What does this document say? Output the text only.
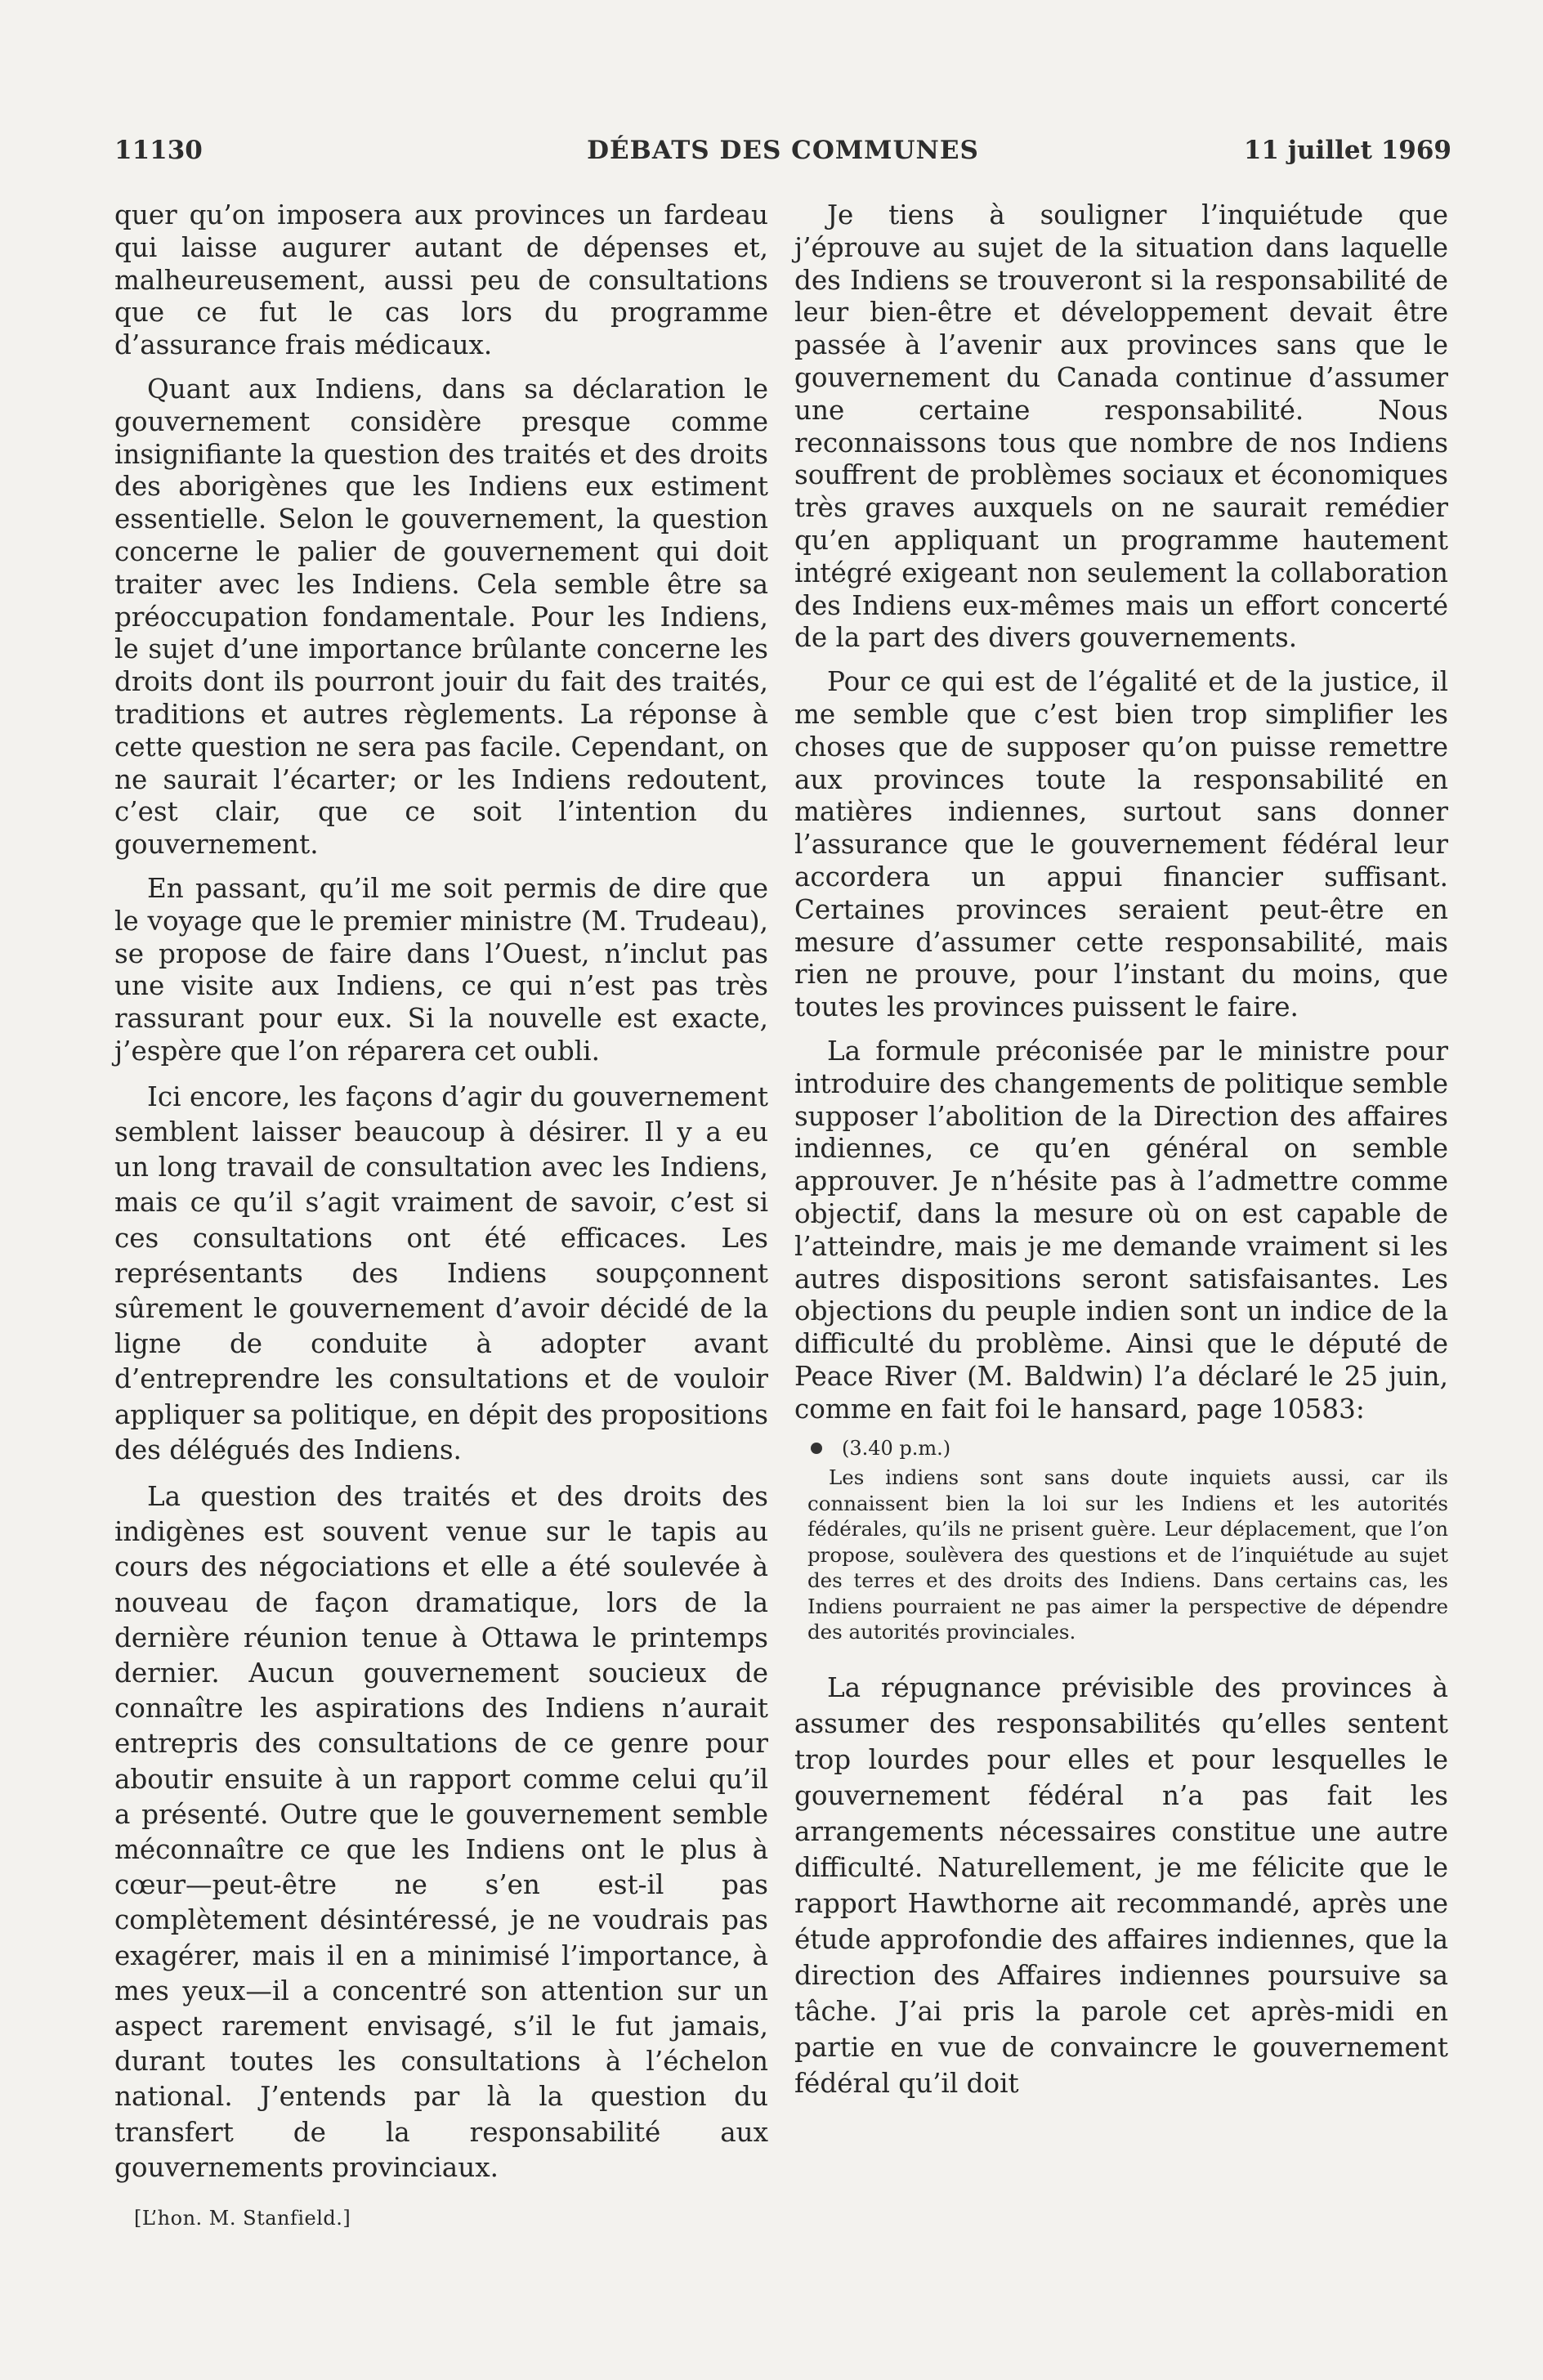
11130	DÉBATS DES COMMUNES	11 juillet 1969

quer qu’on imposera aux provinces un fardeau qui laisse augurer autant de dépenses et, malheureusement, aussi peu de consultations que ce fut le cas lors du programme d’assurance frais médicaux.

Quant aux Indiens, dans sa déclaration le gouvernement considère presque comme insignifiante la question des traités et des droits des aborigènes que les Indiens eux estiment essentielle. Selon le gouvernement, la question concerne le palier de gouvernement qui doit traiter avec les Indiens. Cela semble être sa préoccupation fondamentale. Pour les Indiens, le sujet d’une importance brûlante concerne les droits dont ils pourront jouir du fait des traités, traditions et autres règlements. La réponse à cette question ne sera pas facile. Cependant, on ne saurait l’écarter; or les Indiens redoutent, c’est clair, que ce soit l’intention du gouvernement.

En passant, qu’il me soit permis de dire que le voyage que le premier ministre (M. Trudeau), se propose de faire dans l’Ouest, n’inclut pas une visite aux Indiens, ce qui n’est pas très rassurant pour eux. Si la nouvelle est exacte, j’espère que l’on réparera cet oubli.

Ici encore, les façons d’agir du gouvernement semblent laisser beaucoup à désirer. Il y a eu un long travail de consultation avec les Indiens, mais ce qu’il s’agit vraiment de savoir, c’est si ces consultations ont été efficaces. Les représentants des Indiens soupçonnent sûrement le gouvernement d’avoir décidé de la ligne de conduite à adopter avant d’entreprendre les consultations et de vouloir appliquer sa politique, en dépit des propositions des délégués des Indiens.

La question des traités et des droits des indigènes est souvent venue sur le tapis au cours des négociations et elle a été soulevée à nouveau de façon dramatique, lors de la dernière réunion tenue à Ottawa le printemps dernier. Aucun gouvernement soucieux de connaître les aspirations des Indiens n’aurait entrepris des consultations de ce genre pour aboutir ensuite à un rapport comme celui qu’il a présenté. Outre que le gouvernement semble méconnaître ce que les Indiens ont le plus à cœur—peut-être ne s’en est-il pas complètement désintéressé, je ne voudrais pas exagérer, mais il en a minimisé l’importance, à mes yeux—il a concentré son attention sur un aspect rarement envisagé, s’il le fut jamais, durant toutes les consultations à l’échelon national. J’entends par là la question du transfert de la responsabilité aux gouvernements provinciaux.

[L’hon. M. Stanfield.]

Je tiens à souligner l’inquiétude que j’éprouve au sujet de la situation dans laquelle des Indiens se trouveront si la responsabilité de leur bien-être et développement devait être passée à l’avenir aux provinces sans que le gouvernement du Canada continue d’assumer une certaine responsabilité. Nous reconnaissons tous que nombre de nos Indiens souffrent de problèmes sociaux et économiques très graves auxquels on ne saurait remédier qu’en appliquant un programme hautement intégré exigeant non seulement la collaboration des Indiens eux-mêmes mais un effort concerté de la part des divers gouvernements.

Pour ce qui est de l’égalité et de la justice, il me semble que c’est bien trop simplifier les choses que de supposer qu’on puisse remettre aux provinces toute la responsabilité en matières indiennes, surtout sans donner l’assurance que le gouvernement fédéral leur accordera un appui financier suffisant. Certaines provinces seraient peut-être en mesure d’assumer cette responsabilité, mais rien ne prouve, pour l’instant du moins, que toutes les provinces puissent le faire.

La formule préconisée par le ministre pour introduire des changements de politique semble supposer l’abolition de la Direction des affaires indiennes, ce qu’en général on semble approuver. Je n’hésite pas à l’admettre comme objectif, dans la mesure où on est capable de l’atteindre, mais je me demande vraiment si les autres dispositions seront satisfaisantes. Les objections du peuple indien sont un indice de la difficulté du problème. Ainsi que le député de Peace River (M. Baldwin) l’a déclaré le 25 juin, comme en fait foi le hansard, page 10583:

(3.40 p.m.)

Les indiens sont sans doute inquiets aussi, car ils connaissent bien la loi sur les Indiens et les autorités fédérales, qu’ils ne prisent guère. Leur déplacement, que l’on propose, soulèvera des questions et de l’inquiétude au sujet des terres et des droits des Indiens. Dans certains cas, les Indiens pourraient ne pas aimer la perspective de dépendre des autorités provinciales.

La répugnance prévisible des provinces à assumer des responsabilités qu’elles sentent trop lourdes pour elles et pour lesquelles le gouvernement fédéral n’a pas fait les arrangements nécessaires constitue une autre difficulté. Naturellement, je me félicite que le rapport Hawthorne ait recommandé, après une étude approfondie des affaires indiennes, que la direction des Affaires indiennes poursuive sa tâche. J’ai pris la parole cet après-midi en partie en vue de convaincre le gouvernement fédéral qu’il doit
